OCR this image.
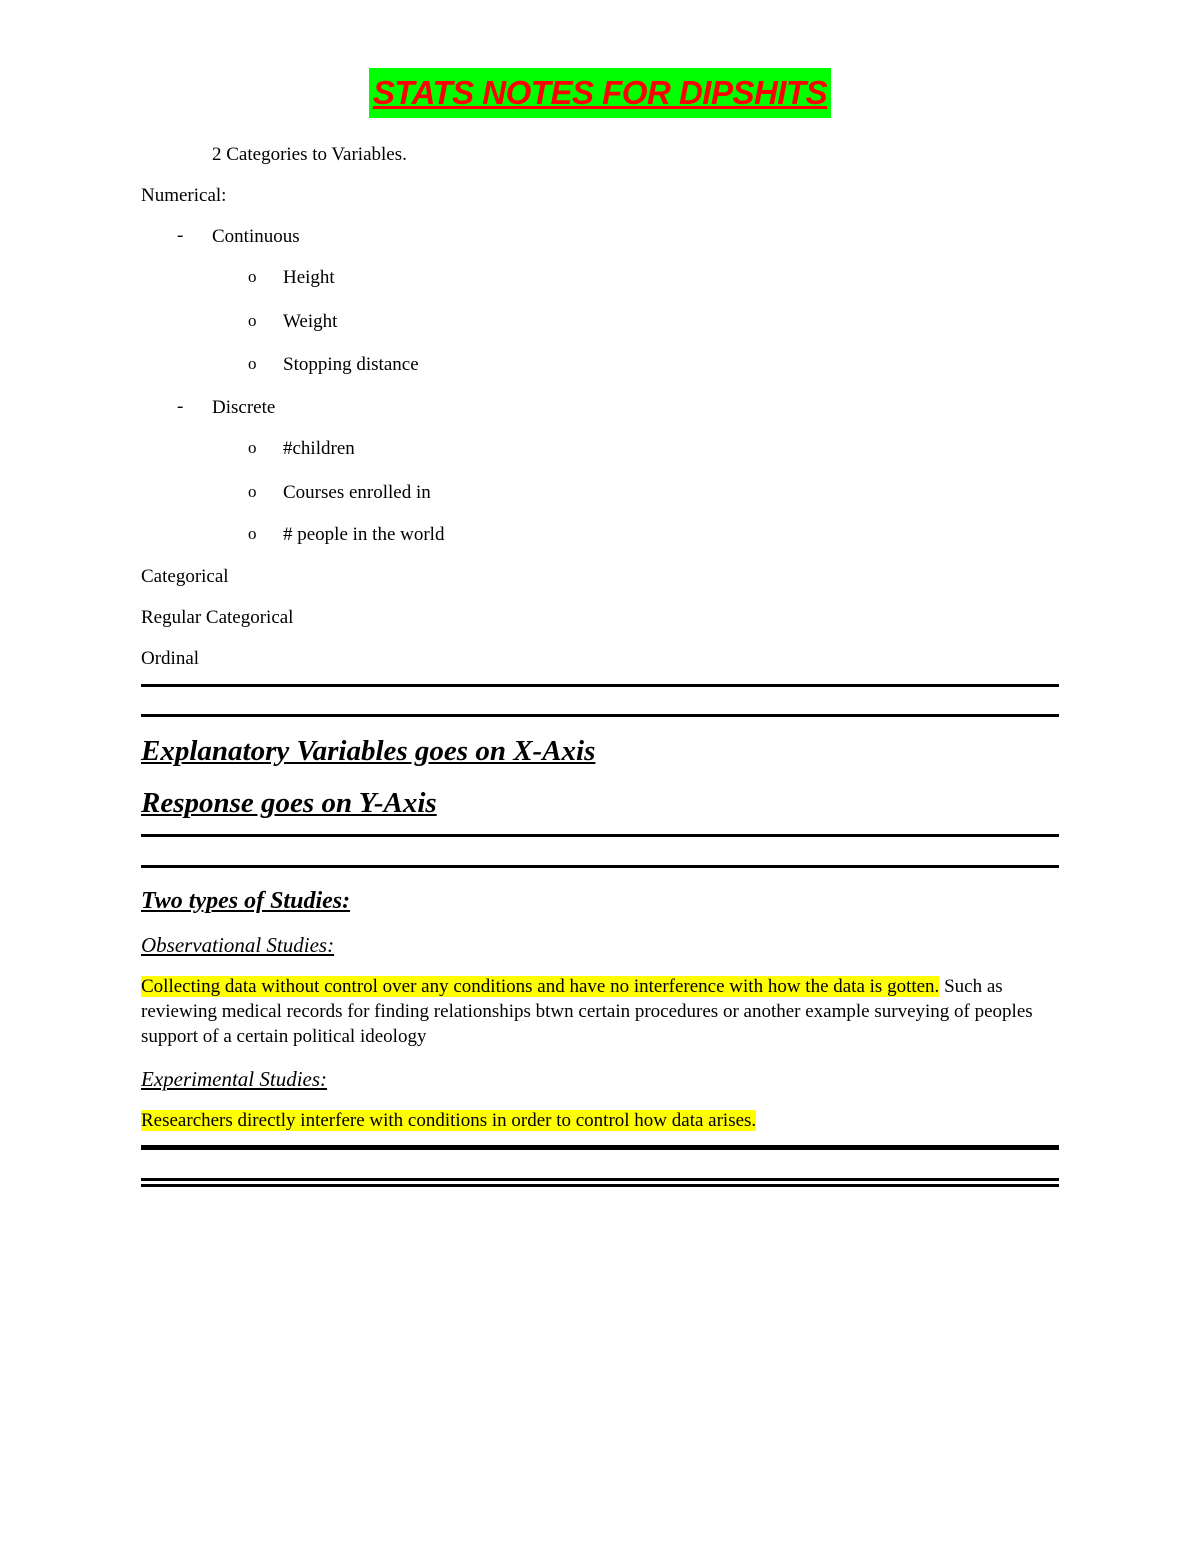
STATS NOTES FOR DIPSHITS
2 Categories to Variables.
Numerical:
- Continuous
o Height
o Weight
o Stopping distance
- Discrete
o #children
o Courses enrolled in
o # people in the world
Categorical
Regular Categorical
Ordinal
Explanatory Variables goes on X-Axis
Response goes on Y-Axis
Two types of Studies:
Observational Studies:
Collecting data without control over any conditions and have no interference with how the data is gotten. Such as reviewing medical records for finding relationships btwn certain procedures or another example surveying of peoples support of a certain political ideology
Experimental Studies:
Researchers directly interfere with conditions in order to control how data arises.
